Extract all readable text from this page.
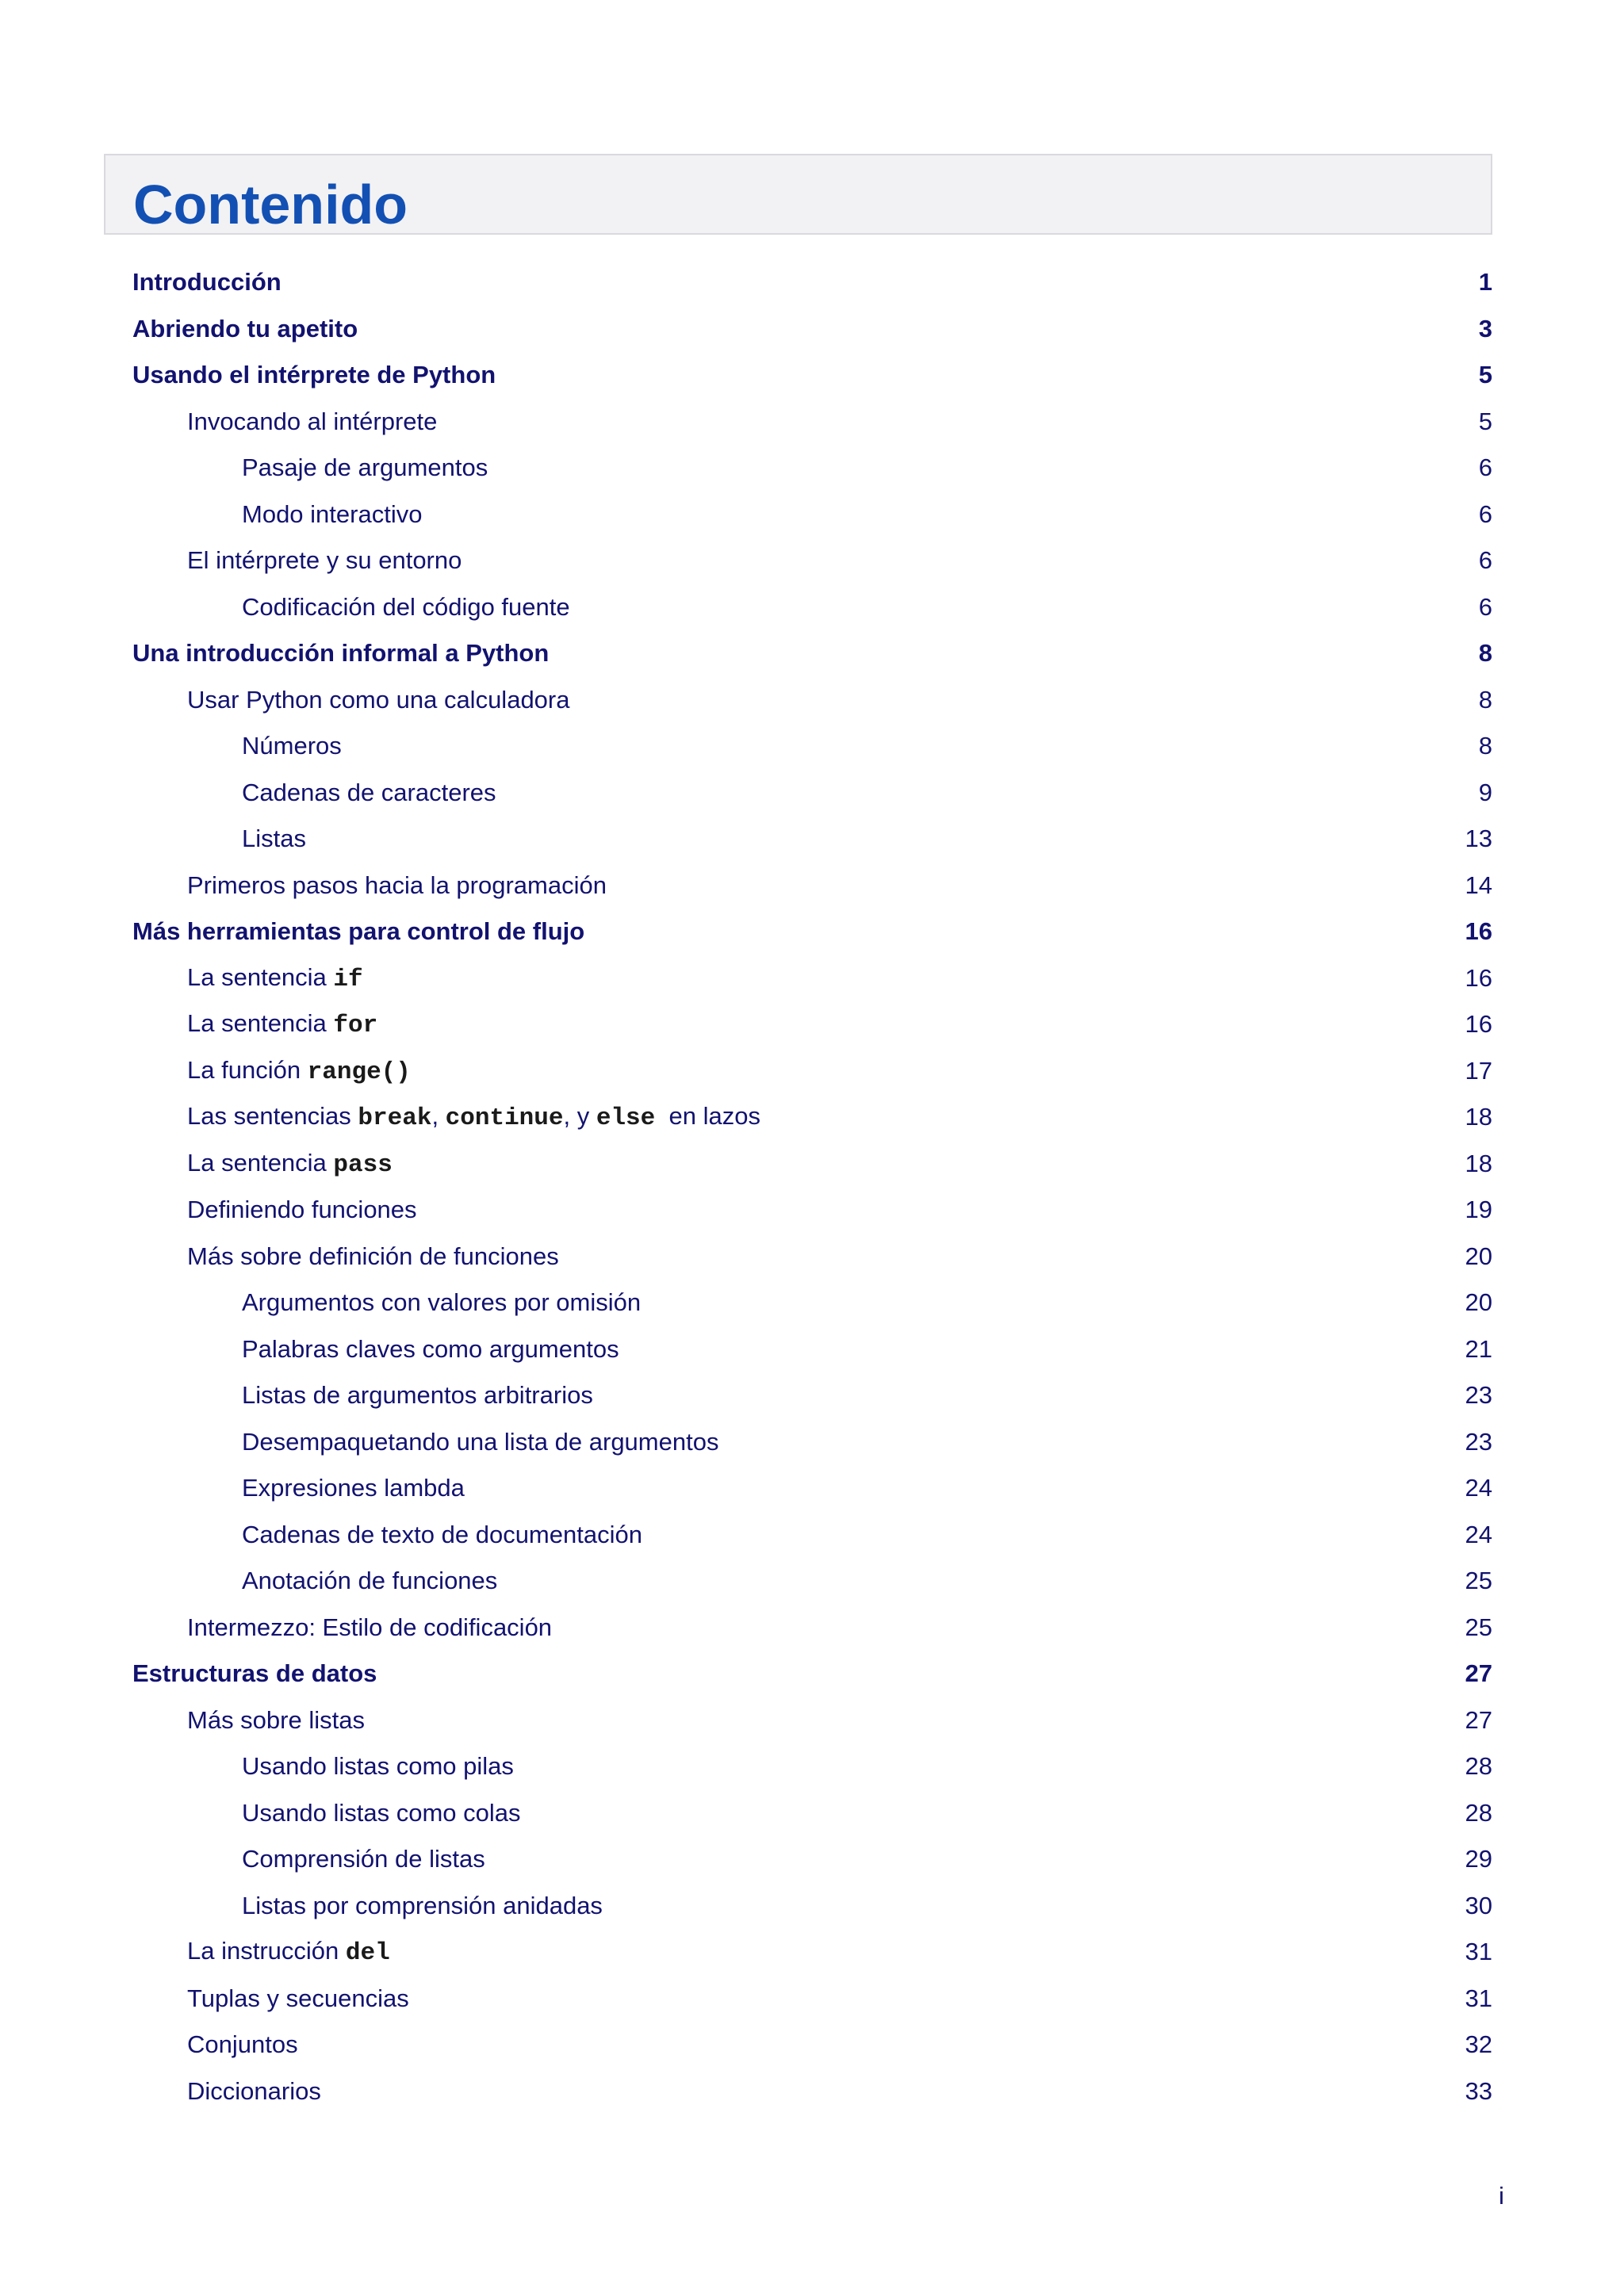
Contenido
Introducción	1
Abriendo tu apetito	3
Usando el intérprete de Python	5
Invocando al intérprete	5
Pasaje de argumentos	6
Modo interactivo	6
El intérprete y su entorno	6
Codificación del código fuente	6
Una introducción informal a Python	8
Usar Python como una calculadora	8
Números	8
Cadenas de caracteres	9
Listas	13
Primeros pasos hacia la programación	14
Más herramientas para control de flujo	16
La sentencia if	16
La sentencia for	16
La función range()	17
Las sentencias break , continue , y else en lazos	18
La sentencia pass	18
Definiendo funciones	19
Más sobre definición de funciones	20
Argumentos con valores por omisión	20
Palabras claves como argumentos	21
Listas de argumentos arbitrarios	23
Desempaquetando una lista de argumentos	23
Expresiones lambda	24
Cadenas de texto de documentación	24
Anotación de funciones	25
Intermezzo: Estilo de codificación	25
Estructuras de datos	27
Más sobre listas	27
Usando listas como pilas	28
Usando listas como colas	28
Comprensión de listas	29
Listas por comprensión anidadas	30
La instrucción del	31
Tuplas y secuencias	31
Conjuntos	32
Diccionarios	33
i
